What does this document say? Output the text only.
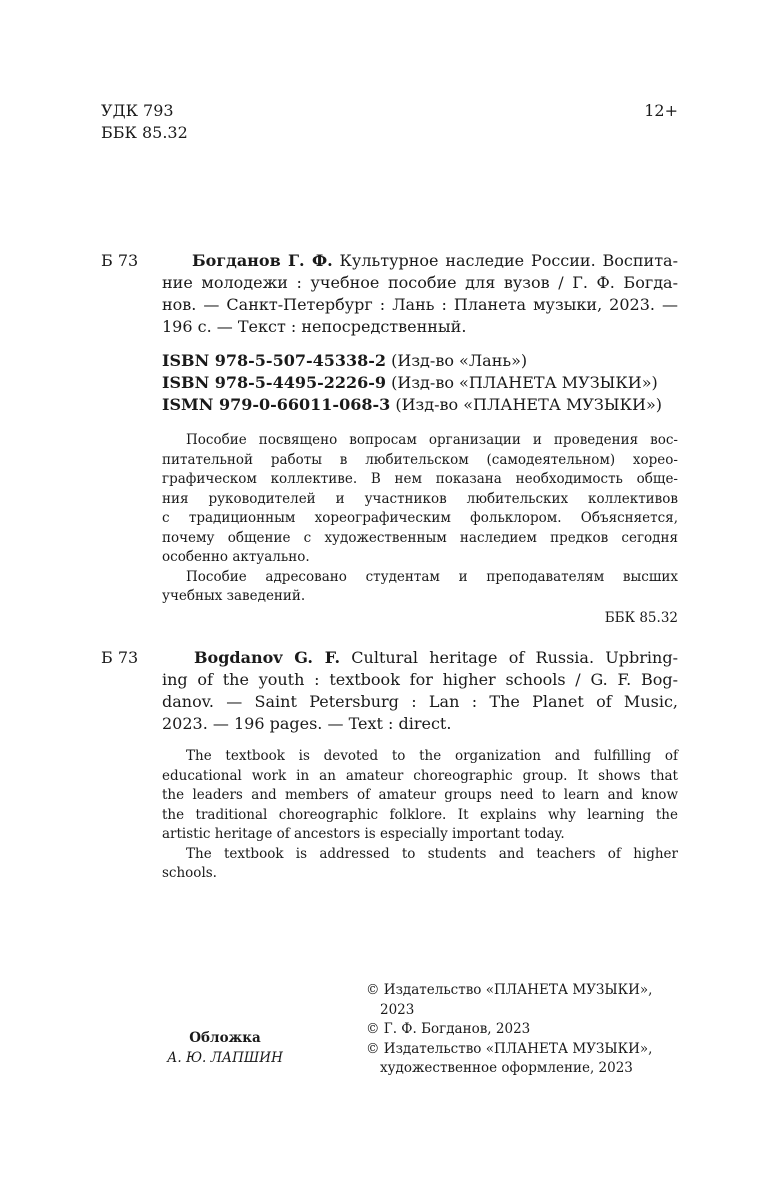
УДК 793
ББК 85.32
12+
Б 73	Богданов Г. Ф. Культурное наследие России. Воспита-
ние молодежи : учебное пособие для вузов / Г. Ф. Богда-
нов. — Санкт-Петербург : Лань : Планета музыки, 2023. —
196 с. — Текст : непосредственный.
ISBN 978-5-507-45338-2 (Изд-во «Лань»)
ISBN 978-5-4495-2226-9 (Изд-во «ПЛАНЕТА МУЗЫКИ»)
ISMN 979-0-66011-068-3 (Изд-во «ПЛАНЕТА МУЗЫКИ»)
Пособие посвящено вопросам организации и проведения вос-
питательной работы в любительском (самодеятельном) хорео-
графическом коллективе. В нем показана необходимость обще-
ния руководителей и участников любительских коллективов
с традиционным хореографическим фольклором. Объясняется,
почему общение с художественным наследием предков сегодня
особенно актуально.
Пособие адресовано студентам и преподавателям высших
учебных заведений.
ББК 85.32
Б 73	Bogdanov G. F. Cultural heritage of Russia. Upbring-
ing of the youth : textbook for higher schools / G. F. Bog-
danov. — Saint Petersburg : Lan : The Planet of Music,
2023. — 196 pages. — Text : direct.
The textbook is devoted to the organization and fulfilling of
educational work in an amateur choreographic group. It shows that
the leaders and members of amateur groups need to learn and know
the traditional choreographic folklore. It explains why learning the
artistic heritage of ancestors is especially important today.
The textbook is addressed to students and teachers of higher
schools.
© Издательство «ПЛАНЕТА МУЗЫКИ»,
2023
© Г. Ф. Богданов, 2023
© Издательство «ПЛАНЕТА МУЗЫКИ»,
художественное оформление, 2023
Обложка
А. Ю. ЛАПШИН
